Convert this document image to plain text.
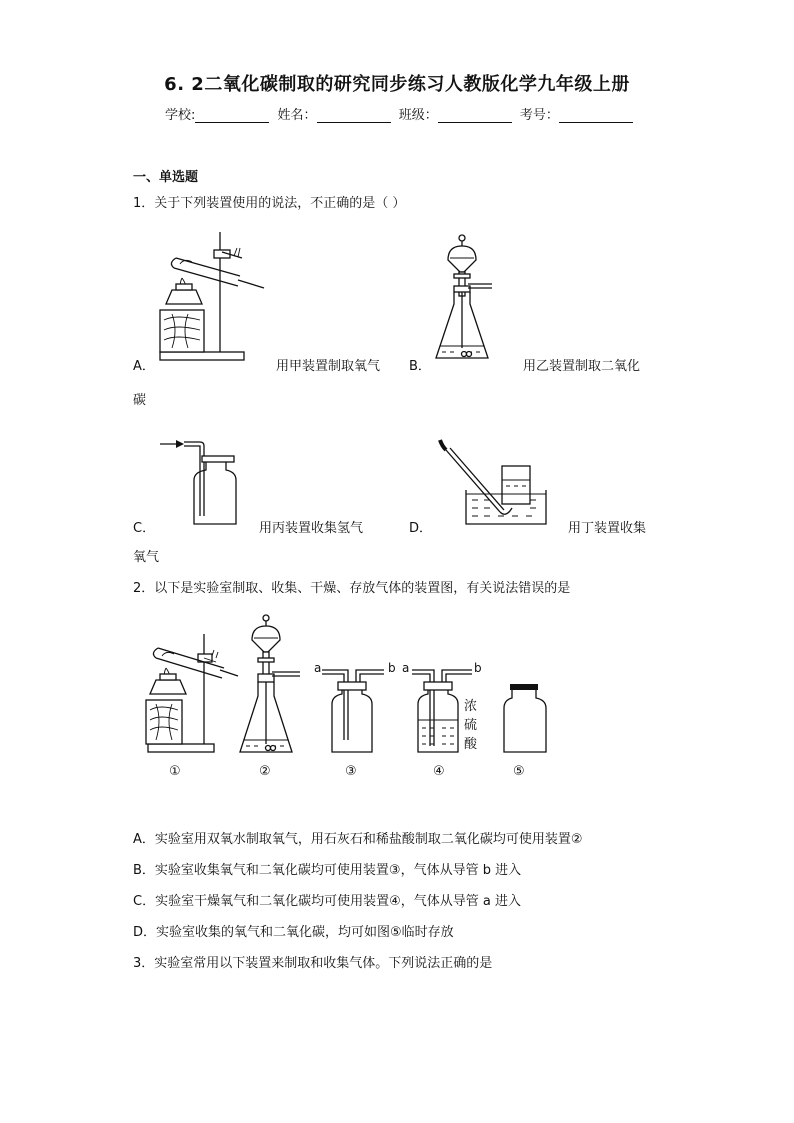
6. 2二氧化碳制取的研究同步练习人教版化学九年级上册
学校:	姓名：	班级：	考号：
一、单选题
1．关于下列装置使用的说法，不正确的是（ ）
A．	用甲装置制取氧气 B．	用乙装置制取二氧化
碳
C．	用丙装置收集氢气	D．	用丁装置收集
氧气
2．以下是实验室制取、收集、干燥、存放气体的装置图，有关说法错误的是
a	b a	b
浓
硫
酸
①	②	③	④	⑤
A．实验室用双氧水制取氧气，用石灰石和稀盐酸制取二氧化碳均可使用装置②
B．实验室收集氧气和二氧化碳均可使用装置③，气体从导管 b 进入
C．实验室干燥氧气和二氧化碳均可使用装置④，气体从导管 a 进入
D．实验室收集的氧气和二氧化碳，均可如图⑤临时存放
3．实验室常用以下装置来制取和收集气体。下列说法正确的是
